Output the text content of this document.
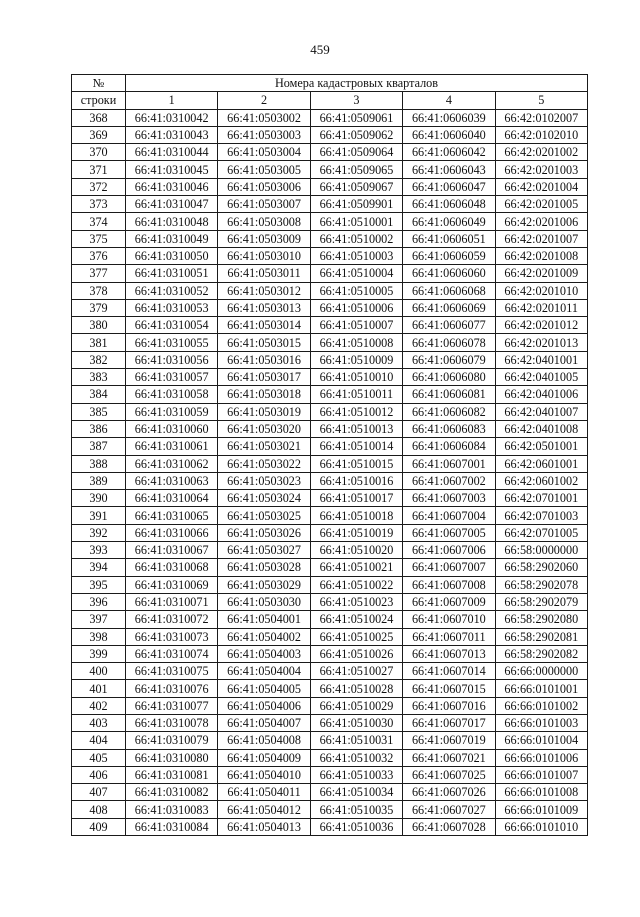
459
№	Номера кадастровых кварталов				
строки	1	2	3	4	5
368	66:41:0310042	66:41:0503002	66:41:0509061	66:41:0606039	66:42:0102007
369	66:41:0310043	66:41:0503003	66:41:0509062	66:41:0606040	66:42:0102010
370	66:41:0310044	66:41:0503004	66:41:0509064	66:41:0606042	66:42:0201002
371	66:41:0310045	66:41:0503005	66:41:0509065	66:41:0606043	66:42:0201003
372	66:41:0310046	66:41:0503006	66:41:0509067	66:41:0606047	66:42:0201004
373	66:41:0310047	66:41:0503007	66:41:0509901	66:41:0606048	66:42:0201005
374	66:41:0310048	66:41:0503008	66:41:0510001	66:41:0606049	66:42:0201006
375	66:41:0310049	66:41:0503009	66:41:0510002	66:41:0606051	66:42:0201007
376	66:41:0310050	66:41:0503010	66:41:0510003	66:41:0606059	66:42:0201008
377	66:41:0310051	66:41:0503011	66:41:0510004	66:41:0606060	66:42:0201009
378	66:41:0310052	66:41:0503012	66:41:0510005	66:41:0606068	66:42:0201010
379	66:41:0310053	66:41:0503013	66:41:0510006	66:41:0606069	66:42:0201011
380	66:41:0310054	66:41:0503014	66:41:0510007	66:41:0606077	66:42:0201012
381	66:41:0310055	66:41:0503015	66:41:0510008	66:41:0606078	66:42:0201013
382	66:41:0310056	66:41:0503016	66:41:0510009	66:41:0606079	66:42:0401001
383	66:41:0310057	66:41:0503017	66:41:0510010	66:41:0606080	66:42:0401005
384	66:41:0310058	66:41:0503018	66:41:0510011	66:41:0606081	66:42:0401006
385	66:41:0310059	66:41:0503019	66:41:0510012	66:41:0606082	66:42:0401007
386	66:41:0310060	66:41:0503020	66:41:0510013	66:41:0606083	66:42:0401008
387	66:41:0310061	66:41:0503021	66:41:0510014	66:41:0606084	66:42:0501001
388	66:41:0310062	66:41:0503022	66:41:0510015	66:41:0607001	66:42:0601001
389	66:41:0310063	66:41:0503023	66:41:0510016	66:41:0607002	66:42:0601002
390	66:41:0310064	66:41:0503024	66:41:0510017	66:41:0607003	66:42:0701001
391	66:41:0310065	66:41:0503025	66:41:0510018	66:41:0607004	66:42:0701003
392	66:41:0310066	66:41:0503026	66:41:0510019	66:41:0607005	66:42:0701005
393	66:41:0310067	66:41:0503027	66:41:0510020	66:41:0607006	66:58:0000000
394	66:41:0310068	66:41:0503028	66:41:0510021	66:41:0607007	66:58:2902060
395	66:41:0310069	66:41:0503029	66:41:0510022	66:41:0607008	66:58:2902078
396	66:41:0310071	66:41:0503030	66:41:0510023	66:41:0607009	66:58:2902079
397	66:41:0310072	66:41:0504001	66:41:0510024	66:41:0607010	66:58:2902080
398	66:41:0310073	66:41:0504002	66:41:0510025	66:41:0607011	66:58:2902081
399	66:41:0310074	66:41:0504003	66:41:0510026	66:41:0607013	66:58:2902082
400	66:41:0310075	66:41:0504004	66:41:0510027	66:41:0607014	66:66:0000000
401	66:41:0310076	66:41:0504005	66:41:0510028	66:41:0607015	66:66:0101001
402	66:41:0310077	66:41:0504006	66:41:0510029	66:41:0607016	66:66:0101002
403	66:41:0310078	66:41:0504007	66:41:0510030	66:41:0607017	66:66:0101003
404	66:41:0310079	66:41:0504008	66:41:0510031	66:41:0607019	66:66:0101004
405	66:41:0310080	66:41:0504009	66:41:0510032	66:41:0607021	66:66:0101006
406	66:41:0310081	66:41:0504010	66:41:0510033	66:41:0607025	66:66:0101007
407	66:41:0310082	66:41:0504011	66:41:0510034	66:41:0607026	66:66:0101008
408	66:41:0310083	66:41:0504012	66:41:0510035	66:41:0607027	66:66:0101009
409	66:41:0310084	66:41:0504013	66:41:0510036	66:41:0607028	66:66:0101010
